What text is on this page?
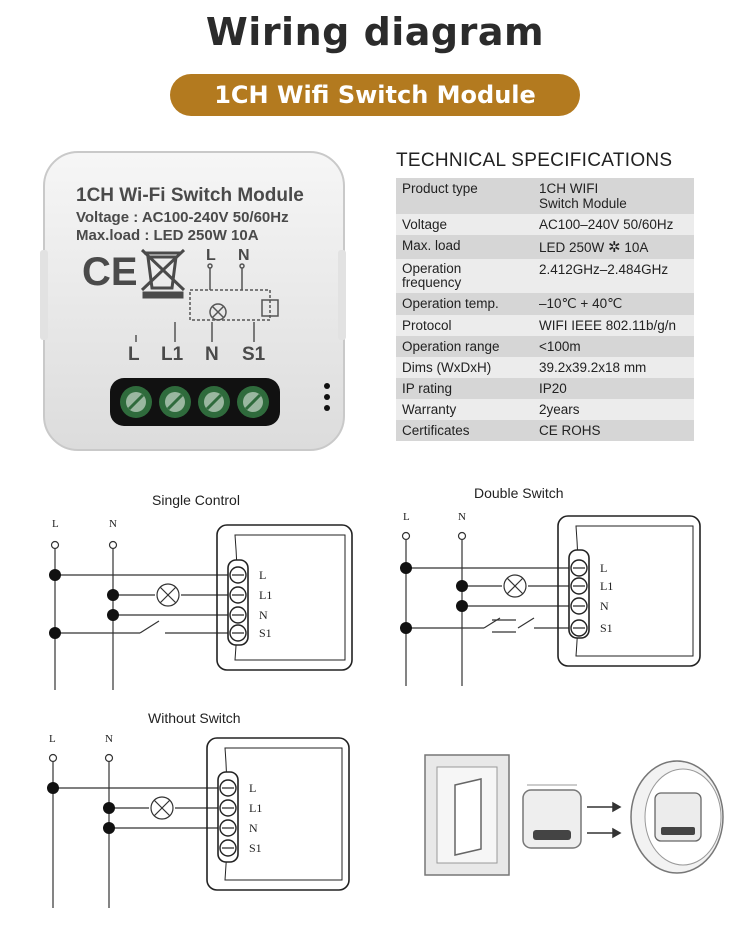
Wiring diagram
1CH Wifi Switch Module
1CH Wi-Fi Switch Module
Voltage : AC100-240V 50/60Hz
Max.load : LED 250W 10A
CE	L N
L L1 N S1
TECHNICAL SPECIFICATIONS
Product type	1CH WIFI
Switch Module
Voltage	AC100–240V 50/60Hz
Max. load	LED 250W ✲ 10A
Operation
frequency	2.412GHz–2.484GHz
Operation temp.	–10℃ + 40℃
Protocol	WIFI IEEE 802.11b/g/n
Operation range	<100m
Dims (WxDxH)	39.2x39.2x18 mm
IP rating	IP20
Warranty	2years
Certificates	CE ROHS
Single Control	Double Switch
Without Switch
L	N
L
L1
N
S1
L	N
L
L1
N
S1
L	N
L
L1
N
S1
